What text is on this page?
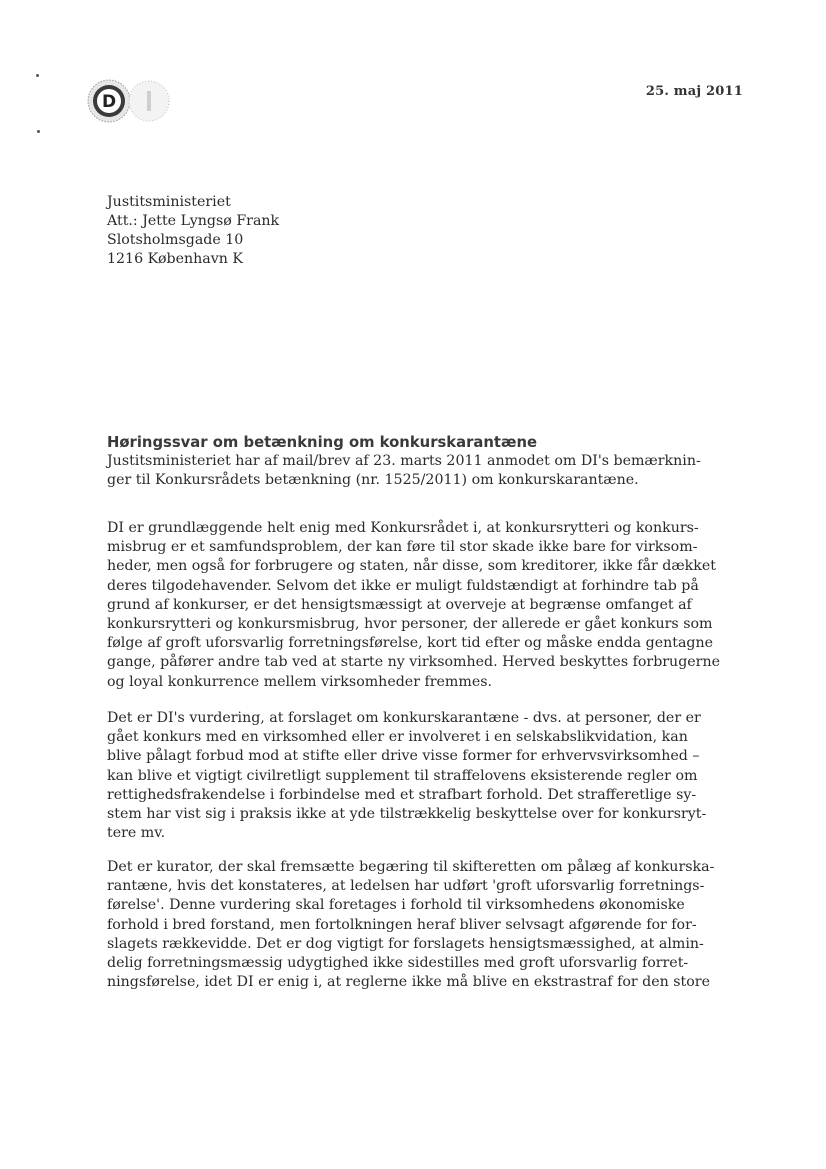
D
25. maj 2011
Justitsministeriet
Att.: Jette Lyngsø Frank
Slotsholmsgade 10
1216 København K
Høringssvar om betænkning om konkurskarantæne
Justitsministeriet har af mail/brev af 23. marts 2011 anmodet om DI's bemærknin-
ger til Konkursrådets betænkning (nr. 1525/2011) om konkurskarantæne.
DI er grundlæggende helt enig med Konkursrådet i, at konkursrytteri og konkurs-
misbrug er et samfundsproblem, der kan føre til stor skade ikke bare for virksom-
heder, men også for forbrugere og staten, når disse, som kreditorer, ikke får dækket
deres tilgodehavender. Selvom det ikke er muligt fuldstændigt at forhindre tab på
grund af konkurser, er det hensigtsmæssigt at overveje at begrænse omfanget af
konkursrytteri og konkursmisbrug, hvor personer, der allerede er gået konkurs som
følge af groft uforsvarlig forretningsførelse, kort tid efter og måske endda gentagne
gange, påfører andre tab ved at starte ny virksomhed. Herved beskyttes forbrugerne
og loyal konkurrence mellem virksomheder fremmes.
Det er DI's vurdering, at forslaget om konkurskarantæne - dvs. at personer, der er
gået konkurs med en virksomhed eller er involveret i en selskabslikvidation, kan
blive pålagt forbud mod at stifte eller drive visse former for erhvervsvirksomhed –
kan blive et vigtigt civilretligt supplement til straffelovens eksisterende regler om
rettighedsfrakendelse i forbindelse med et strafbart forhold. Det strafferetlige sy-
stem har vist sig i praksis ikke at yde tilstrækkelig beskyttelse over for konkursryt-
tere mv.
Det er kurator, der skal fremsætte begæring til skifteretten om pålæg af konkurska-
rantæne, hvis det konstateres, at ledelsen har udført 'groft uforsvarlig forretnings-
førelse'. Denne vurdering skal foretages i forhold til virksomhedens økonomiske
forhold i bred forstand, men fortolkningen heraf bliver selvsagt afgørende for for-
slagets rækkevidde. Det er dog vigtigt for forslagets hensigtsmæssighed, at almin-
delig forretningsmæssig udygtighed ikke sidestilles med groft uforsvarlig forret-
ningsførelse, idet DI er enig i, at reglerne ikke må blive en ekstrastraf for den store
